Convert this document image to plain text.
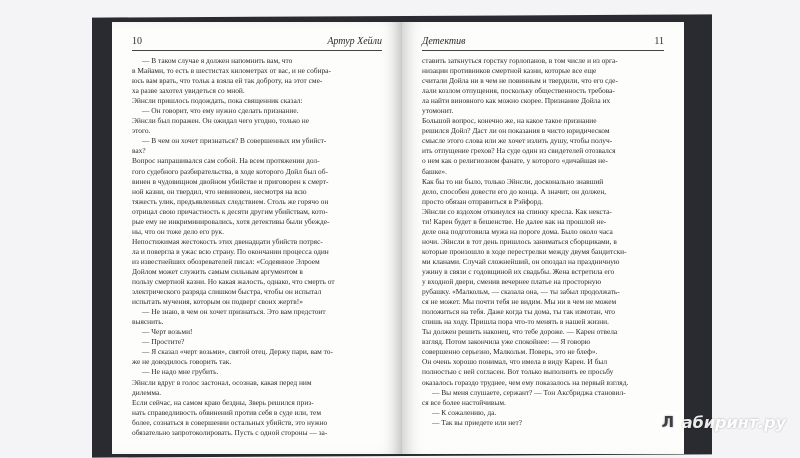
10	Артур Хейли
— В таком случае я должен напомнить вам, что
в Майами, то есть в шестистах километрах от вас, и не собира-
юсь вам врать, что тольк а взяла ей так доброту, на этот сме-
ха разве захотел увидеться со мной.
Эйнсли пришлось подождать, пока священник сказал:
— Он говорит, что ему нужно сделать признание.
Эйнсли был поражен. Он ожидал чего угодно, только не
этого.
— В чем он хочет признаться? В совершенных им убийст-
вах?
Вопрос напрашивался сам собой. На всем протяжении дол-
гого судебного разбирательства, в ходе которого Дойл был об-
винен в чудовищном двойном убийстве и приговорен к смерт-
ной казни, он твердил, что невиновен, несмотря на всю
тяжесть улик, предъявленных следствием. Столь же горячо он
отрицал свою причастность к десяти другим убийствам, кото-
рые ему не инкриминировались, хотя детективы были убежде-
ны, что он тоже дело его рук.
Непостижимая жестокость этих двенадцати убийств потряс-
ла и повергла в ужас всю страну. По окончании процесса один
из известнейших обозревателей писал: «Содеянное Элроем
Дойлом может служить самым сильным аргументом в
пользу смертной казни. Но какая жалость, однако, что смерть от
электрического разряда слишком быстра, чтобы он испытал
испытать мучения, которым он подверг своих жертв!»
— Не знаю, в чем он хочет признаться. Это вам предстоит
выяснить.
— Черт возьми!
— Простите?
— Я сказал «черт возьми», святой отец. Держу пари, вам то-
же не доводилось говорить так.
— Не надо мне грубить.
Эйнсли вдруг в голос застонал, осознав, какая перед ним
дилемма.
Если сейчас, на самом краю бездны, Зверь решился приз-
нать справедливость обвинений против себя в суде или, тем
более, сознаться в совершении остальных убийств, это нужно
обязательно запротоколировать. Пусть с одной стороны — за-
Детектив	11
ставить заткнуться горстку горлопанов, в том числе и из орга-
низации противников смертной казни, которые все еще
считали Дойла ни в чем не повинным и твердили, что его сде-
лали козлом отпущения, поскольку общественность требова-
ла найти виновного как можно скорее. Признание Дойла их
утомонит.
Большой вопрос, конечно же, на какое такое признание
решился Дойл? Даст ли он показания в чисто юридическом
смысле этого слова или же хочет излить душу, чтобы получ-
ить отпущение грехов? На суде один из свидетелей отозвался
о нем как о религиозном фанате, у которого «дичайшая не-
башке».
Как бы то ни было, только Эйнсли, досконально знавший
дело, способен довести его до конца. А значит, он должен,
просто обязан отправиться в Рэйфорд.
Эйнсли со вздохом откинулся на спинку кресла. Как некста-
ти! Карен будет в бешенстве. Не далее как на прошлой не-
деле она подготовила мужа на пороге дома. Было около часа
ночи. Эйнсли в тот день пришлось заниматься сборщиками, в
которые произошло в ходе перестрелки между двумя бандитски-
ми кланами. Случай сложнейший, он опоздал на праздничную
ужину в связи с годовщиной их свадьбы. Жена встретила его
у входной двери, сменив вечернее платье на просторную
рубашку. «Малкольм, — сказала она, — ты забыл продолжать-
ся не может. Мы почти тебя не видим. Мы ни в чем не можем
положиться на тебя. Даже когда ты дома, ты так измотан, что
спишь на ходу. Пришла пора что-то менять в нашей жизни.
Ты должен решить наконец, что тебе дороже. — Карен отвела
взгляд. Потом закончила уже спокойнее: — Я говорю
совершенно серьезно, Малкольм. Поверь, это не блеф».
Он очень хорошо понимал, что имела в виду Карен. И был
полностью с ней согласен. Вот только выполнить ее просьбу
оказалось гораздо труднее, чем ему показалось на первый взгляд.
— Вы меня слушаете, сержант? — Тон Аксбриджа становил-
ся все более настойчивым.
— К сожалению, да.
— Так вы приедете или нет?	Л абиринт.ру
